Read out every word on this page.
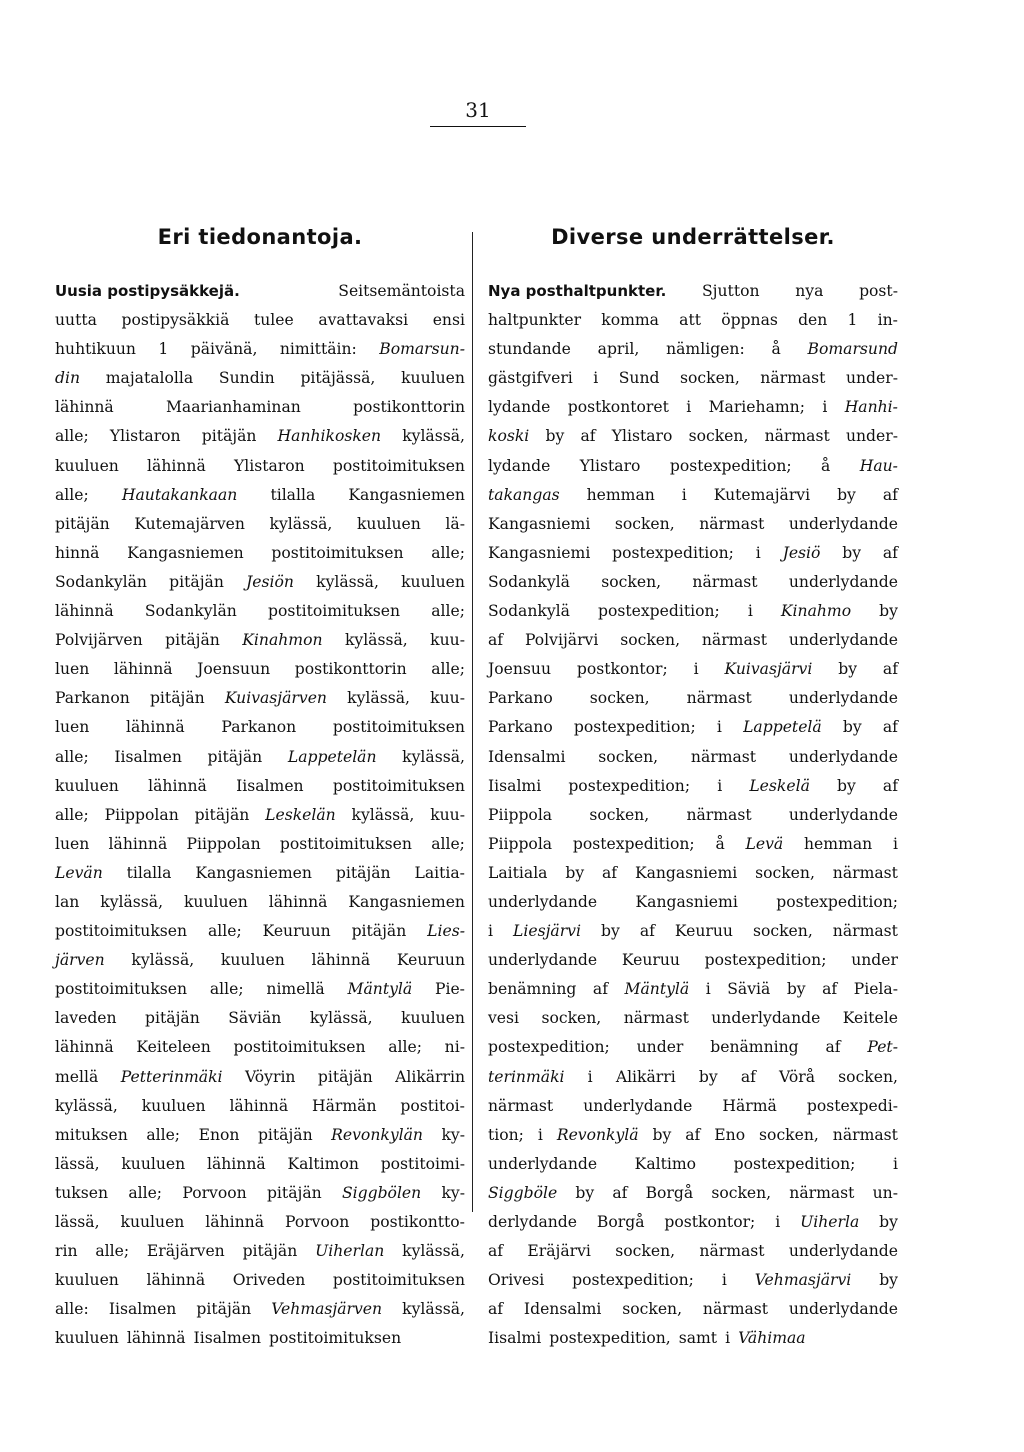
31
Eri tiedonantoja.
Uusia postipysäkkejä.	Seitsemäntoista
uutta postipysäkkiä tulee avattavaksi ensi
huhtikuun 1 päivänä, nimittäin: Bomarsun-
din majatalolla Sundin pitäjässä, kuuluen
lähinnä	Maarianhaminan	postikonttorin
alle; Ylistaron pitäjän Hanhikosken kylässä,
kuuluen lähinnä Ylistaron postitoimituksen
alle; Hautakankaan tilalla Kangasniemen
pitäjän Kutemajärven kylässä, kuuluen lä-
hinnä Kangasniemen postitoimituksen alle;
Sodankylän pitäjän Jesiön kylässä, kuuluen
lähinnä Sodankylän postitoimituksen alle;
Polvijärven pitäjän Kinahmon kylässä, kuu-
luen lähinnä Joensuun postikonttorin alle;
Parkanon pitäjän Kuivasjärven kylässä, kuu-
luen lähinnä Parkanon postitoimituksen
alle; Iisalmen pitäjän Lappetelän kylässä,
kuuluen lähinnä Iisalmen postitoimituksen
alle; Piippolan pitäjän Leskelän kylässä, kuu-
luen lähinnä Piippolan postitoimituksen alle;
Levän tilalla Kangasniemen pitäjän Laitia-
lan kylässä, kuuluen lähinnä Kangasniemen
postitoimituksen alle; Keuruun pitäjän Lies-
järven kylässä, kuuluen lähinnä Keuruun
postitoimituksen alle; nimellä Mäntylä Pie-
laveden pitäjän Säviän kylässä, kuuluen
lähinnä Keiteleen postitoimituksen alle; ni-
mellä Petterinmäki Vöyrin pitäjän Alikärrin
kylässä, kuuluen lähinnä Härmän postitoi-
mituksen alle; Enon pitäjän Revonkylän ky-
lässä, kuuluen lähinnä Kaltimon postitoimi-
tuksen alle; Porvoon pitäjän Siggbölen ky-
lässä, kuuluen lähinnä Porvoon postikontto-
rin alle; Eräjärven pitäjän Uiherlan kylässä,
kuuluen lähinnä Oriveden postitoimituksen
alle: Iisalmen pitäjän Vehmasjärven kylässä,
kuuluen lähinnä Iisalmen postitoimituksen
Diverse underrättelser.
Nya posthaltpunkter. Sjutton nya post-
haltpunkter komma att öppnas den 1 in-
stundande april, nämligen: å Bomarsund
gästgifveri i Sund socken, närmast under-
lydande postkontoret i Mariehamn; i Hanhi-
koski by af Ylistaro socken, närmast under-
lydande Ylistaro postexpedition; å Hau-
takangas hemman i Kutemajärvi by af
Kangasniemi socken, närmast underlydande
Kangasniemi postexpedition; i Jesiö by af
Sodankylä socken, närmast underlydande
Sodankylä postexpedition; i Kinahmo by
af Polvijärvi socken, närmast underlydande
Joensuu postkontor; i Kuivasjärvi by af
Parkano socken, närmast underlydande
Parkano postexpedition; i Lappetelä by af
Idensalmi socken, närmast underlydande
Iisalmi postexpedition; i Leskelä by af
Piippola socken, närmast underlydande
Piippola postexpedition; å Levä hemman i
Laitiala by af Kangasniemi socken, närmast
underlydande Kangasniemi postexpedition;
i Liesjärvi by af Keuruu socken, närmast
underlydande Keuruu postexpedition; under
benämning af Mäntylä i Säviä by af Piela-
vesi socken, närmast underlydande Keitele
postexpedition; under benämning af Pet-
terinmäki i Alikärri by af Vörå socken,
närmast underlydande Härmä postexpedi-
tion; i Revonkylä by af Eno socken, närmast
underlydande Kaltimo postexpedition; i
Siggböle by af Borgå socken, närmast un-
derlydande Borgå postkontor; i Uiherla by
af Eräjärvi socken, närmast underlydande
Orivesi postexpedition; i Vehmasjärvi by
af Idensalmi socken, närmast underlydande
Iisalmi postexpedition, samt i Vähimaa
